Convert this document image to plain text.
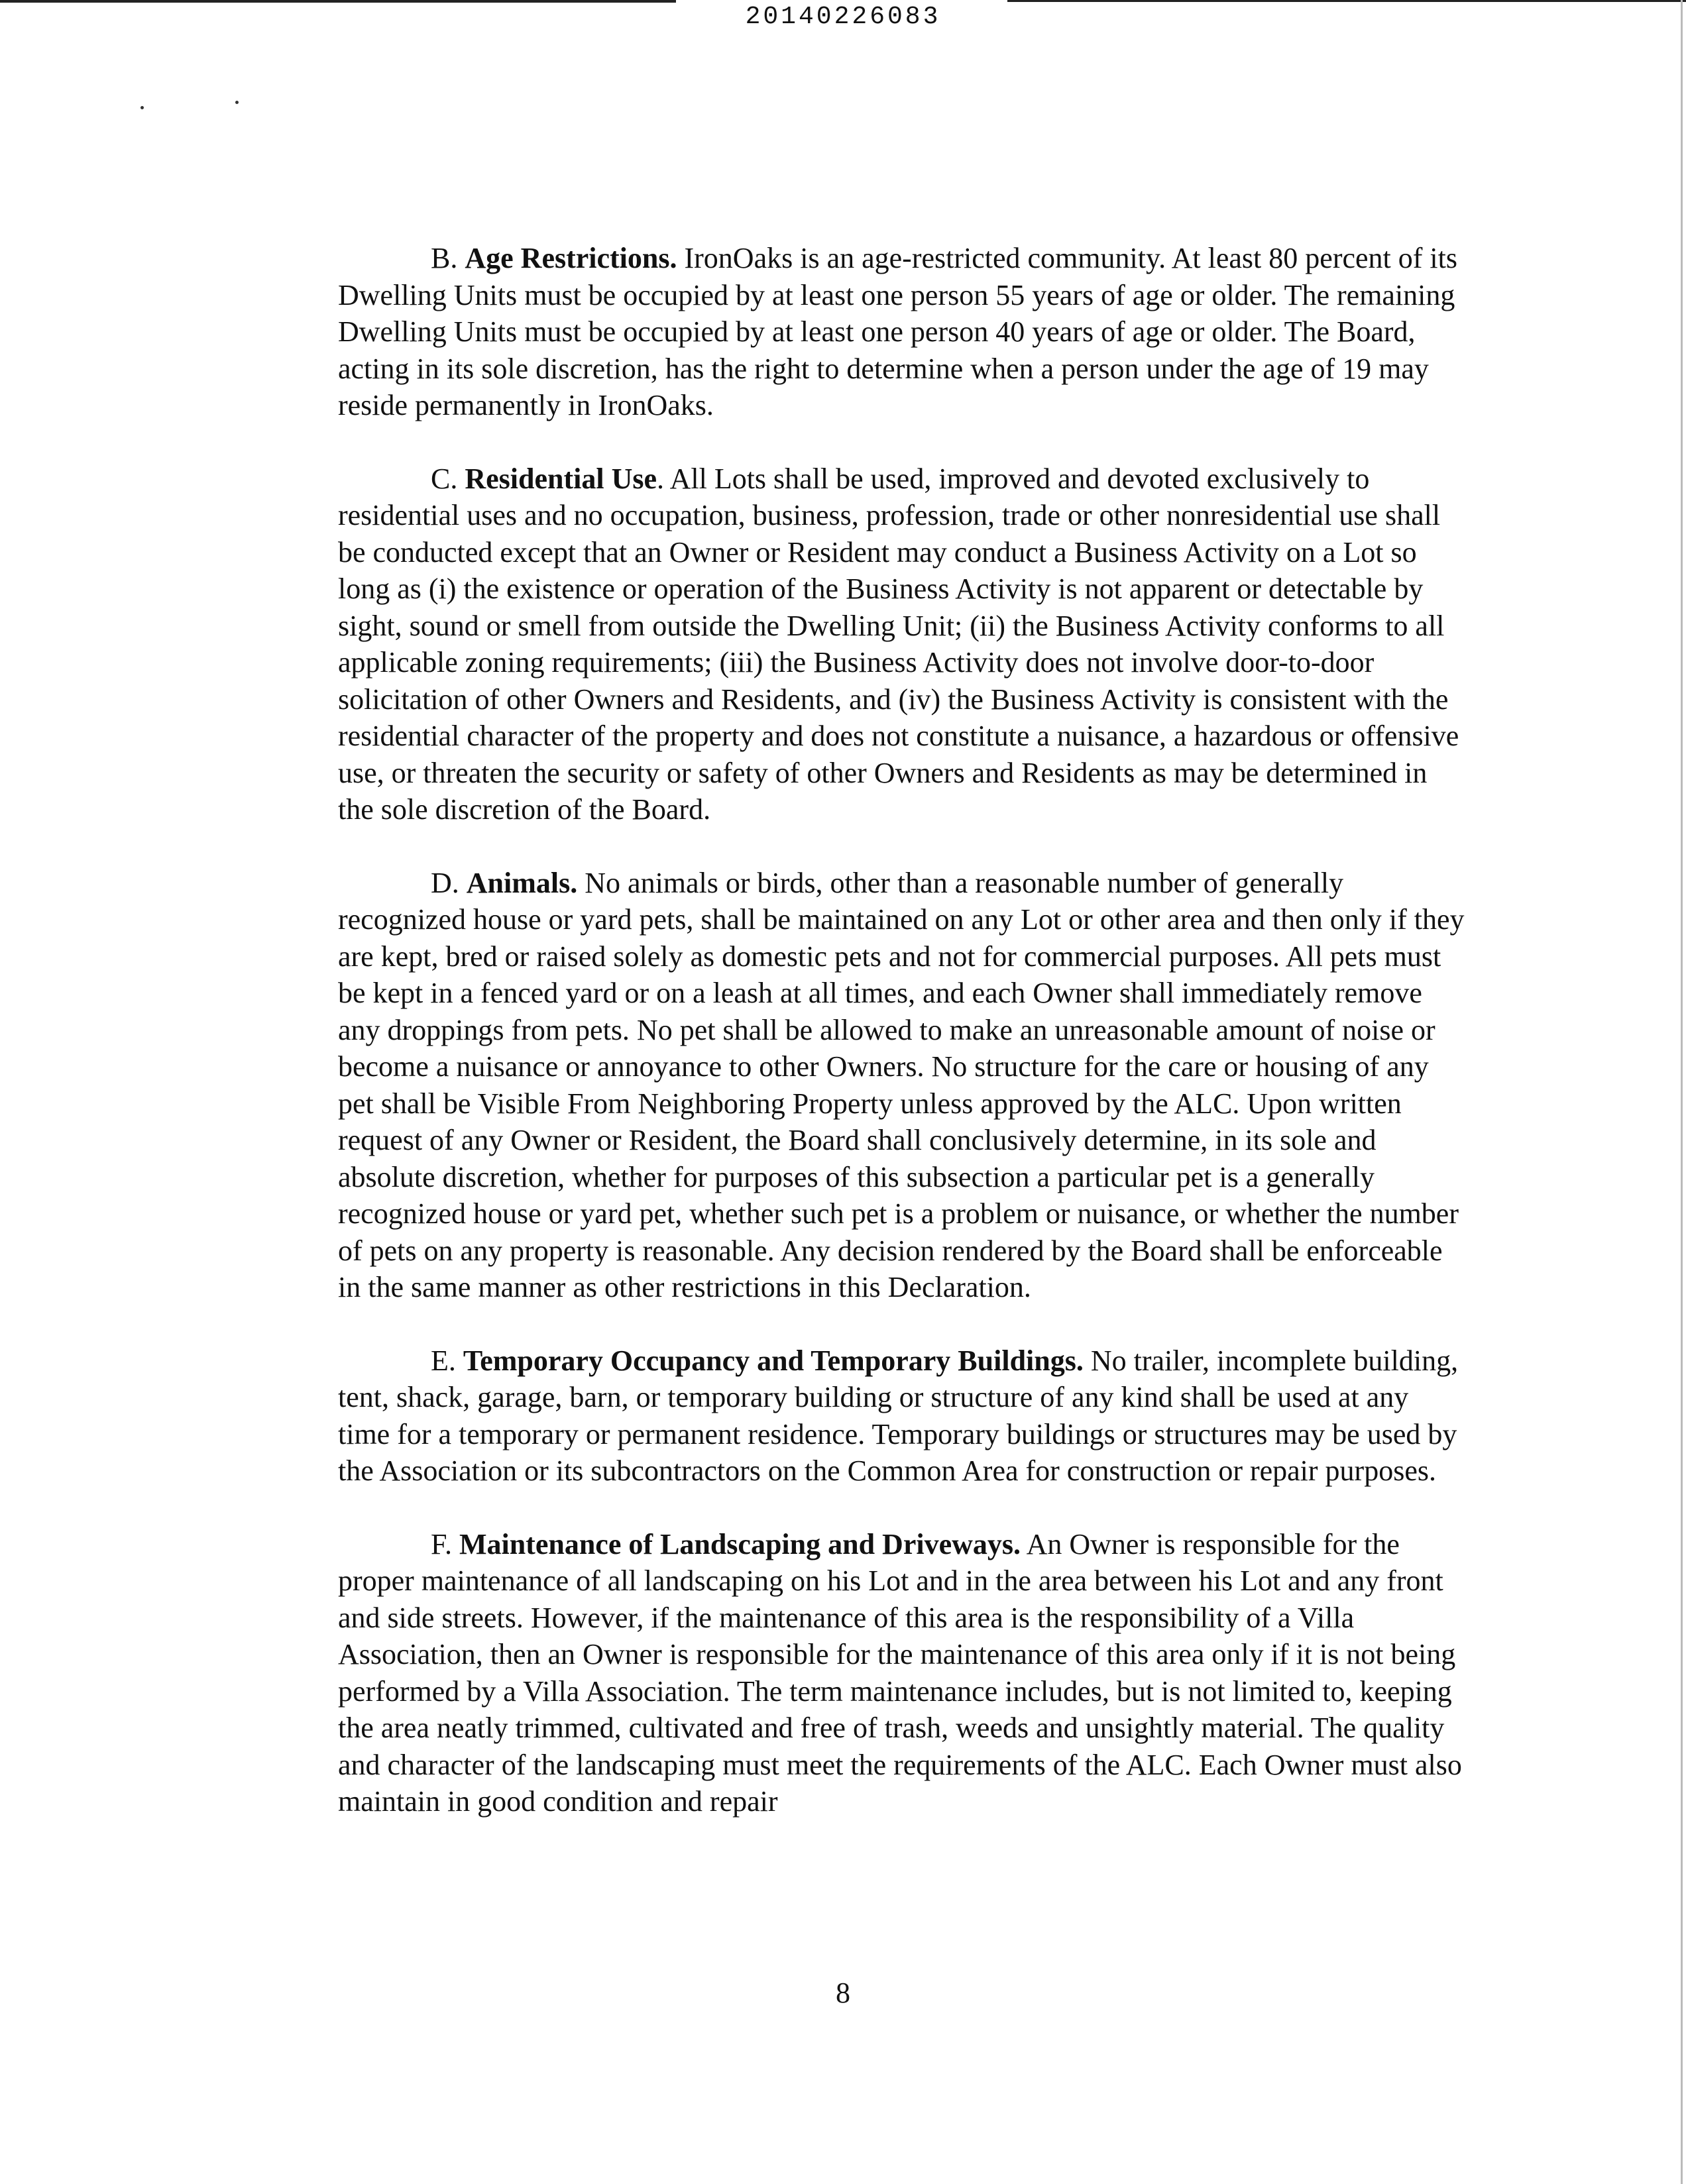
20140226083

B. Age Restrictions. IronOaks is an age-restricted community. At least 80 percent of its Dwelling Units must be occupied by at least one person 55 years of age or older. The remaining Dwelling Units must be occupied by at least one person 40 years of age or older. The Board, acting in its sole discretion, has the right to determine when a person under the age of 19 may reside permanently in IronOaks.

C. Residential Use. All Lots shall be used, improved and devoted exclusively to residential uses and no occupation, business, profession, trade or other nonresidential use shall be conducted except that an Owner or Resident may conduct a Business Activity on a Lot so long as (i) the existence or operation of the Business Activity is not apparent or detectable by sight, sound or smell from outside the Dwelling Unit; (ii) the Business Activity conforms to all applicable zoning requirements; (iii) the Business Activity does not involve door-to-door solicitation of other Owners and Residents, and (iv) the Business Activity is consistent with the residential character of the property and does not constitute a nuisance, a hazardous or offensive use, or threaten the security or safety of other Owners and Residents as may be determined in the sole discretion of the Board.

D. Animals. No animals or birds, other than a reasonable number of generally recognized house or yard pets, shall be maintained on any Lot or other area and then only if they are kept, bred or raised solely as domestic pets and not for commercial purposes. All pets must be kept in a fenced yard or on a leash at all times, and each Owner shall immediately remove any droppings from pets. No pet shall be allowed to make an unreasonable amount of noise or become a nuisance or annoyance to other Owners. No structure for the care or housing of any pet shall be Visible From Neighboring Property unless approved by the ALC. Upon written request of any Owner or Resident, the Board shall conclusively determine, in its sole and absolute discretion, whether for purposes of this subsection a particular pet is a generally recognized house or yard pet, whether such pet is a problem or nuisance, or whether the number of pets on any property is reasonable. Any decision rendered by the Board shall be enforceable in the same manner as other restrictions in this Declaration.

E. Temporary Occupancy and Temporary Buildings. No trailer, incomplete building, tent, shack, garage, barn, or temporary building or structure of any kind shall be used at any time for a temporary or permanent residence. Temporary buildings or structures may be used by the Association or its subcontractors on the Common Area for construction or repair purposes.

F. Maintenance of Landscaping and Driveways. An Owner is responsible for the proper maintenance of all landscaping on his Lot and in the area between his Lot and any front and side streets. However, if the maintenance of this area is the responsibility of a Villa Association, then an Owner is responsible for the maintenance of this area only if it is not being performed by a Villa Association. The term maintenance includes, but is not limited to, keeping the area neatly trimmed, cultivated and free of trash, weeds and unsightly material. The quality and character of the landscaping must meet the requirements of the ALC. Each Owner must also maintain in good condition and repair

8
